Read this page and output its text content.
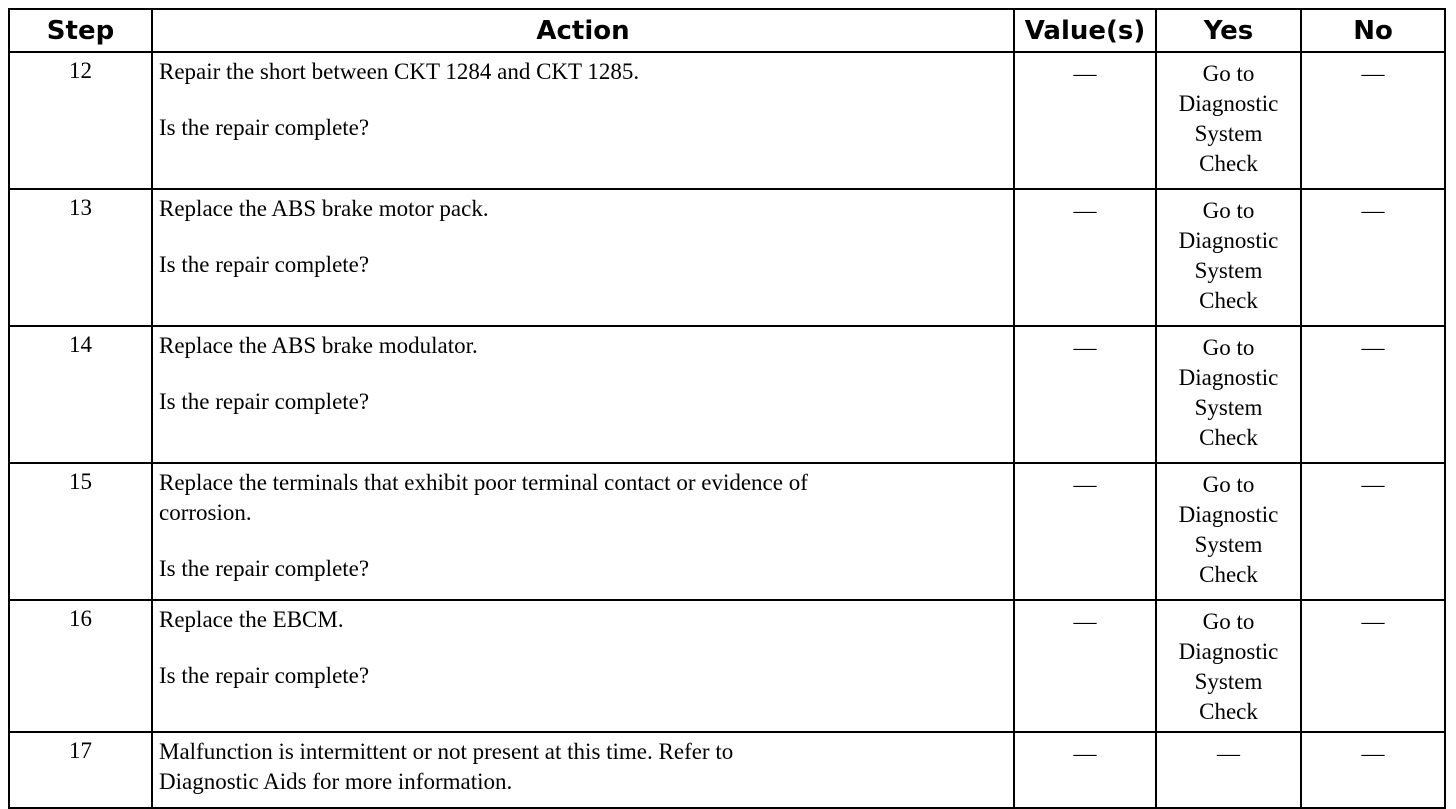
Step	Action	Value(s)	Yes	No
12	Repair the short between CKT 1284 and CKT 1285.
Is the repair complete?	—	Go to
Diagnostic
System
Check	—
13	Replace the ABS brake motor pack.
Is the repair complete?	—	Go to
Diagnostic
System
Check	—
14	Replace the ABS brake modulator.
Is the repair complete?	—	Go to
Diagnostic
System
Check	—
15	Replace the terminals that exhibit poor terminal contact or evidence of
corrosion.
Is the repair complete?	—	Go to
Diagnostic
System
Check	—
16	Replace the EBCM.
Is the repair complete?	—	Go to
Diagnostic
System
Check	—
17	Malfunction is intermittent or not present at this time. Refer to
Diagnostic Aids for more information.	—	—	—
